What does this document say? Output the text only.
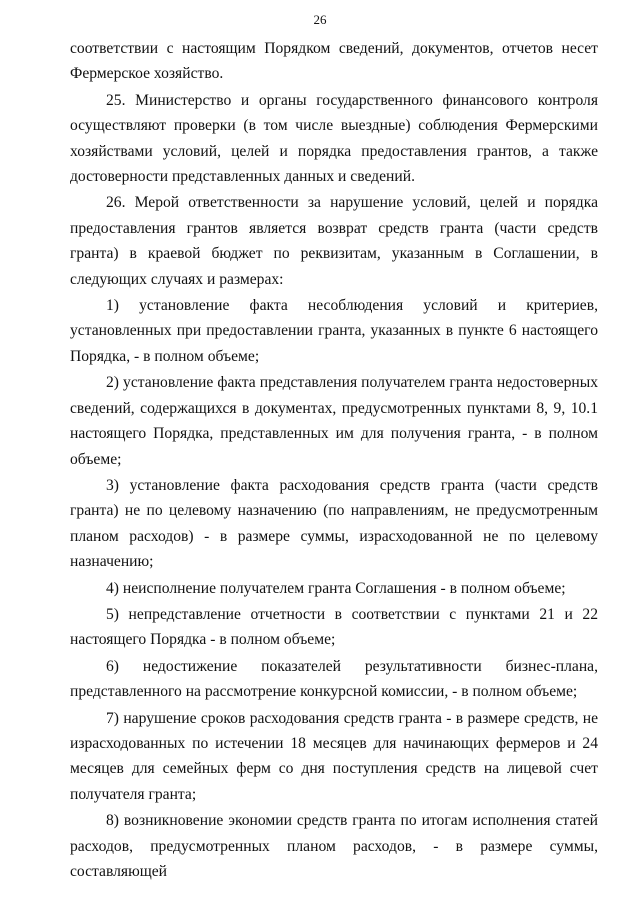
26

соответствии с настоящим Порядком сведений, документов, отчетов несет Фермерское хозяйство.

25. Министерство и органы государственного финансового контроля осуществляют проверки (в том числе выездные) соблюдения Фермерскими хозяйствами условий, целей и порядка предоставления грантов, а также достоверности представленных данных и сведений.

26. Мерой ответственности за нарушение условий, целей и порядка предоставления грантов является возврат средств гранта (части средств гранта) в краевой бюджет по реквизитам, указанным в Соглашении, в следующих случаях и размерах:

1) установление факта несоблюдения условий и критериев, установленных при предоставлении гранта, указанных в пункте 6 настоящего Порядка, - в полном объеме;

2) установление факта представления получателем гранта недостоверных сведений, содержащихся в документах, предусмотренных пунктами 8, 9, 10.1 настоящего Порядка, представленных им для получения гранта, - в полном объеме;

3) установление факта расходования средств гранта (части средств гранта) не по целевому назначению (по направлениям, не предусмотренным планом расходов) - в размере суммы, израсходованной не по целевому назначению;

4) неисполнение получателем гранта Соглашения - в полном объеме;

5) непредставление отчетности в соответствии с пунктами 21 и 22 настоящего Порядка - в полном объеме;

6) недостижение показателей результативности бизнес-плана, представленного на рассмотрение конкурсной комиссии, - в полном объеме;

7) нарушение сроков расходования средств гранта - в размере средств, не израсходованных по истечении 18 месяцев для начинающих фермеров и 24 месяцев для семейных ферм со дня поступления средств на лицевой счет получателя гранта;

8) возникновение экономии средств гранта по итогам исполнения статей расходов, предусмотренных планом расходов, - в размере суммы, составляющей
